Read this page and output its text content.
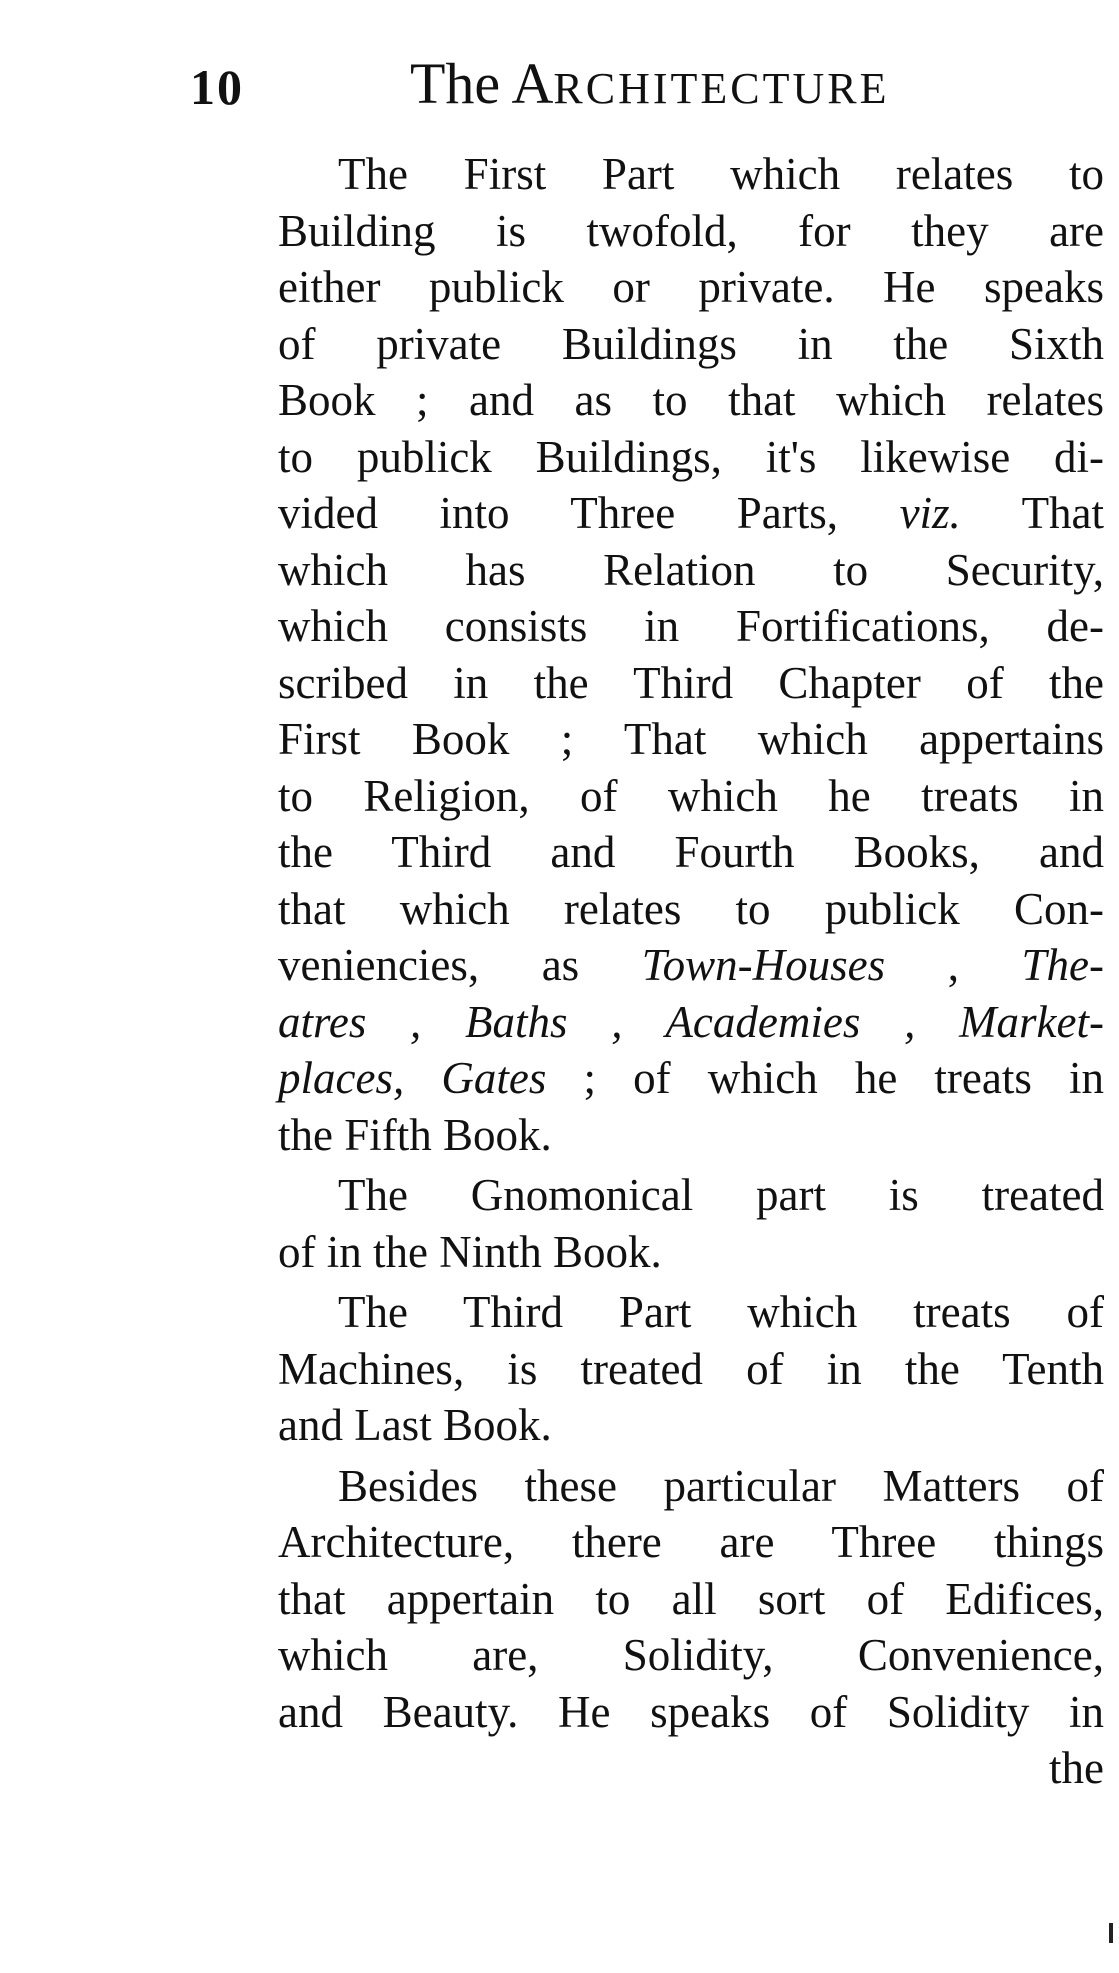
10	The ARCHITECTURE
The First Part which relates to
Building is twofold, for they are
either publick or private. He speaks
of private Buildings in the Sixth
Book ; and as to that which relates
to publick Buildings, it's likewise di-
vided into Three Parts, viz. That
which has Relation to Security,
which consists in Fortifications, de-
scribed in the Third Chapter of the
First Book ; That which appertains
to Religion, of which he treats in
the Third and Fourth Books, and
that which relates to publick Con-
veniencies, as Town-Houses , The-
atres , Baths , Academies , Market-
places, Gates ; of which he treats in
the Fifth Book.
The Gnomonical part is treated
of in the Ninth Book.
The Third Part which treats of
Machines, is treated of in the Tenth
and Last Book.
Besides these particular Matters of
Architecture, there are Three things
that appertain to all sort of Edifices,
which are, Solidity, Convenience,
and Beauty. He speaks of Solidity in
the
